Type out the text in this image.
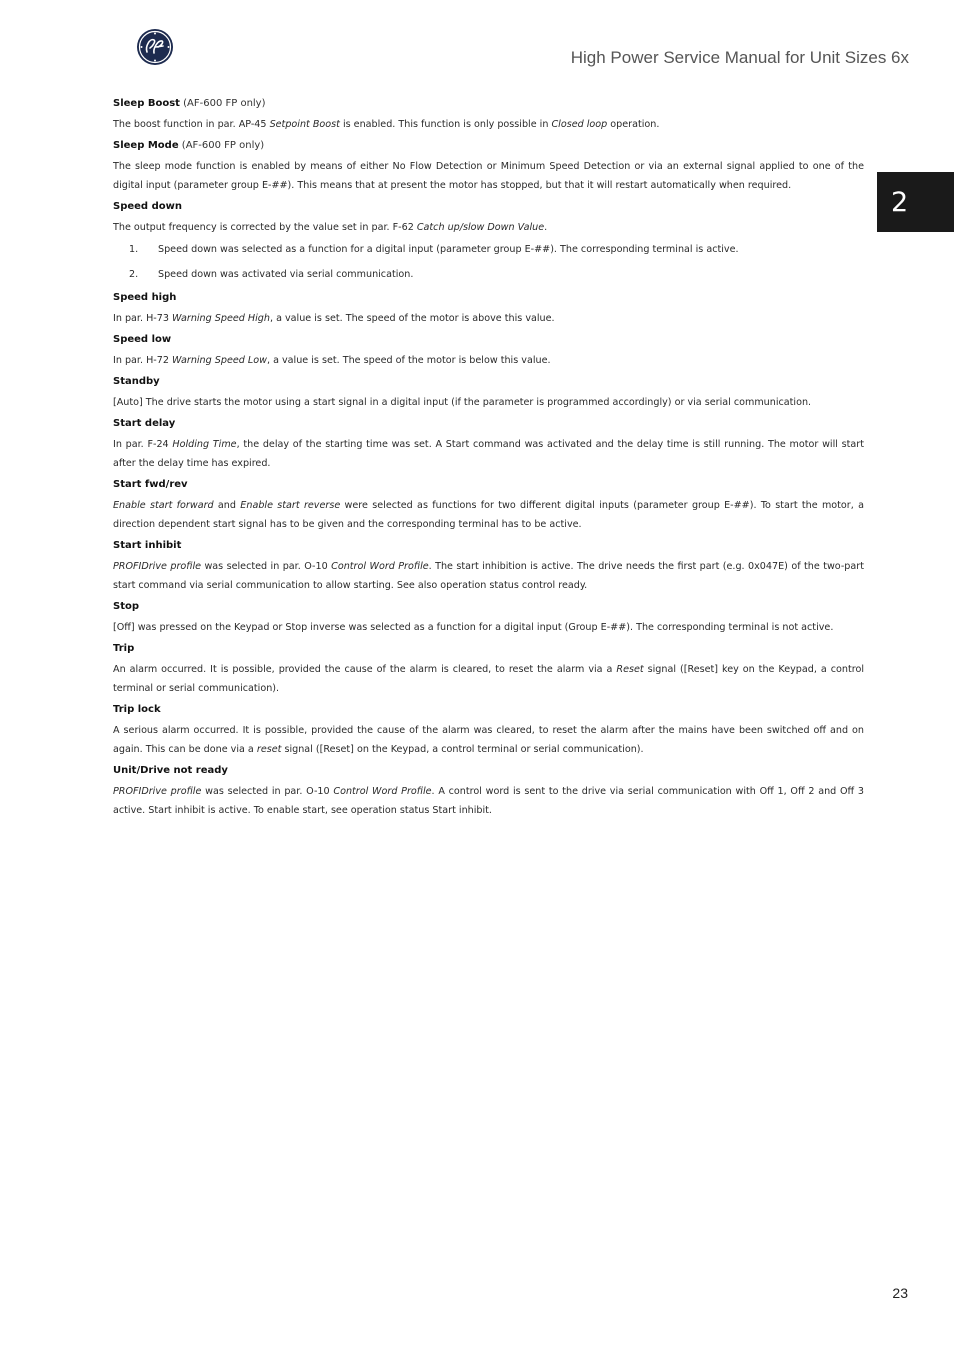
High Power Service Manual for Unit Sizes 6x
2
Sleep Boost (AF-600 FP only)
The boost function in par. AP-45 Setpoint Boost is enabled. This function is only possible in Closed loop operation.
Sleep Mode (AF-600 FP only)
The sleep mode function is enabled by means of either No Flow Detection or Minimum Speed Detection or via an external signal applied to one of the digital input (parameter group E-##). This means that at present the motor has stopped, but that it will restart automatically when required.
Speed down
The output frequency is corrected by the value set in par. F-62 Catch up/slow Down Value.
1. Speed down was selected as a function for a digital input (parameter group E-##). The corresponding terminal is active.
2. Speed down was activated via serial communication.
Speed high
In par. H-73 Warning Speed High, a value is set. The speed of the motor is above this value.
Speed low
In par. H-72 Warning Speed Low, a value is set. The speed of the motor is below this value.
Standby
[Auto] The drive starts the motor using a start signal in a digital input (if the parameter is programmed accordingly) or via serial communication.
Start delay
In par. F-24 Holding Time, the delay of the starting time was set. A Start command was activated and the delay time is still running. The motor will start after the delay time has expired.
Start fwd/rev
Enable start forward and Enable start reverse were selected as functions for two different digital inputs (parameter group E-##). To start the motor, a direction dependent start signal has to be given and the corresponding terminal has to be active.
Start inhibit
PROFIDrive profile was selected in par. O-10 Control Word Profile. The start inhibition is active. The drive needs the first part (e.g. 0x047E) of the two-part start command via serial communication to allow starting. See also operation status control ready.
Stop
[Off] was pressed on the Keypad or Stop inverse was selected as a function for a digital input (Group E-##). The corresponding terminal is not active.
Trip
An alarm occurred. It is possible, provided the cause of the alarm is cleared, to reset the alarm via a Reset signal ([Reset] key on the Keypad, a control terminal or serial communication).
Trip lock
A serious alarm occurred. It is possible, provided the cause of the alarm was cleared, to reset the alarm after the mains have been switched off and on again. This can be done via a reset signal ([Reset] on the Keypad, a control terminal or serial communication).
Unit/Drive not ready
PROFIDrive profile was selected in par. O-10 Control Word Profile. A control word is sent to the drive via serial communication with Off 1, Off 2 and Off 3 active. Start inhibit is active. To enable start, see operation status Start inhibit.
23
